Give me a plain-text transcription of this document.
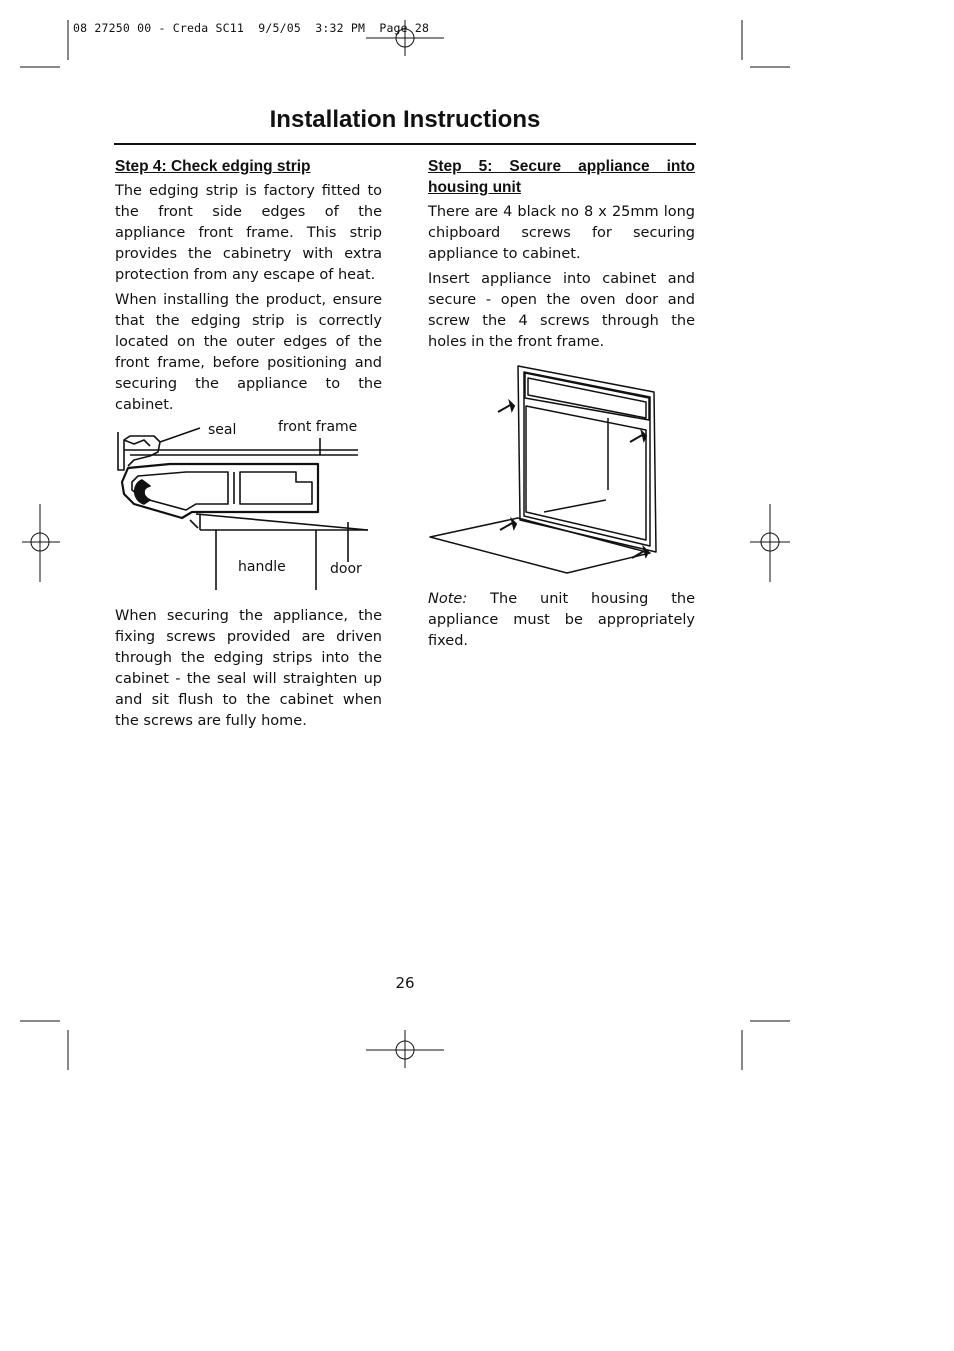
08 27250 00 - Creda SC11  9/5/05  3:32 PM  Page 28
Installation Instructions
Step 4: Check edging strip

The edging strip is factory fitted to the front side edges of the appliance front frame. This strip provides the cabinetry with extra protection from any escape of heat.

When installing the product, ensure that the edging strip is correctly located on the outer edges of the front frame, before positioning and securing the appliance to the cabinet.

seal	front frame
handle	door
When securing the appliance, the fixing screws provided are driven through the edging strips into the cabinet - the seal will straighten up and sit flush to the cabinet when the screws are fully home.
Step 5: Secure appliance into housing unit

There are 4 black no 8 x 25mm long chipboard screws for securing appliance to cabinet.

Insert appliance into cabinet and secure - open the oven door and screw the 4 screws through the holes in the front frame.

Note: The unit housing the appliance must be appropriately fixed.
26
